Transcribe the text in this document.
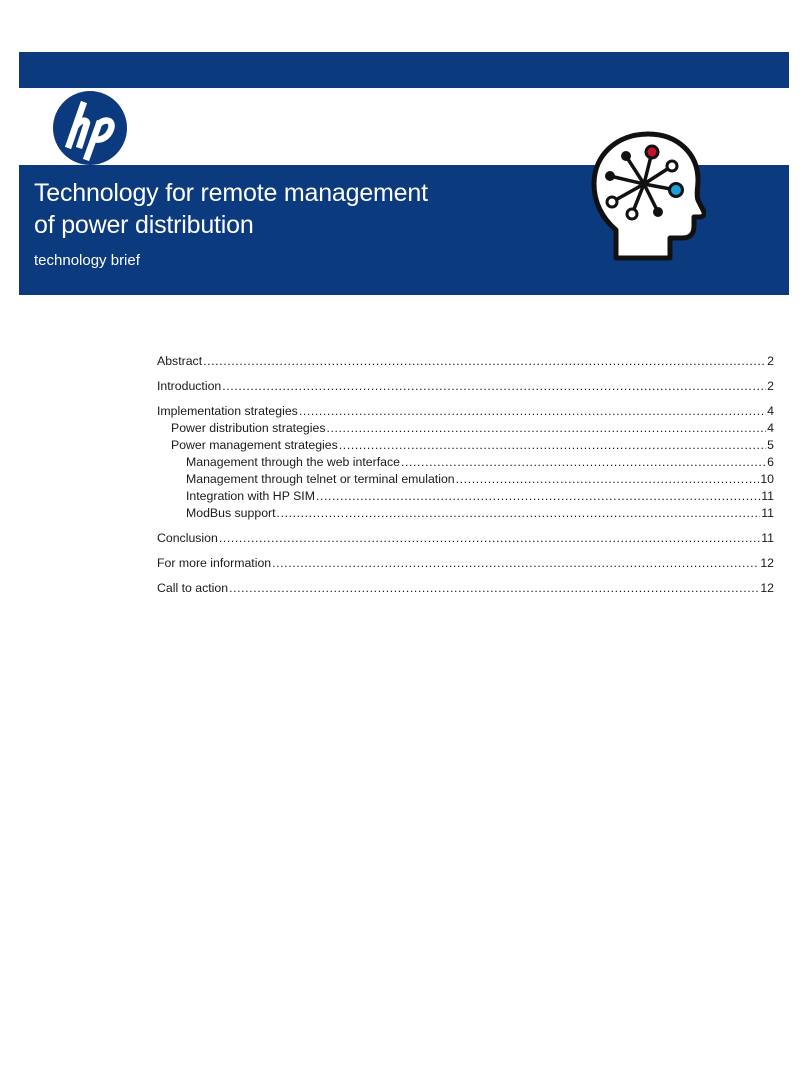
Technology for remote management
of power distribution
technology brief
Abstract .....	2
Introduction .....	2
Implementation strategies .....	4
Power distribution strategies .....	4
Power management strategies .....	5
Management through the web interface .....	6
Management through telnet or terminal emulation .....	10
Integration with HP SIM .....	11
ModBus support .....	11
Conclusion .....	11
For more information .....	12
Call to action .....	12
